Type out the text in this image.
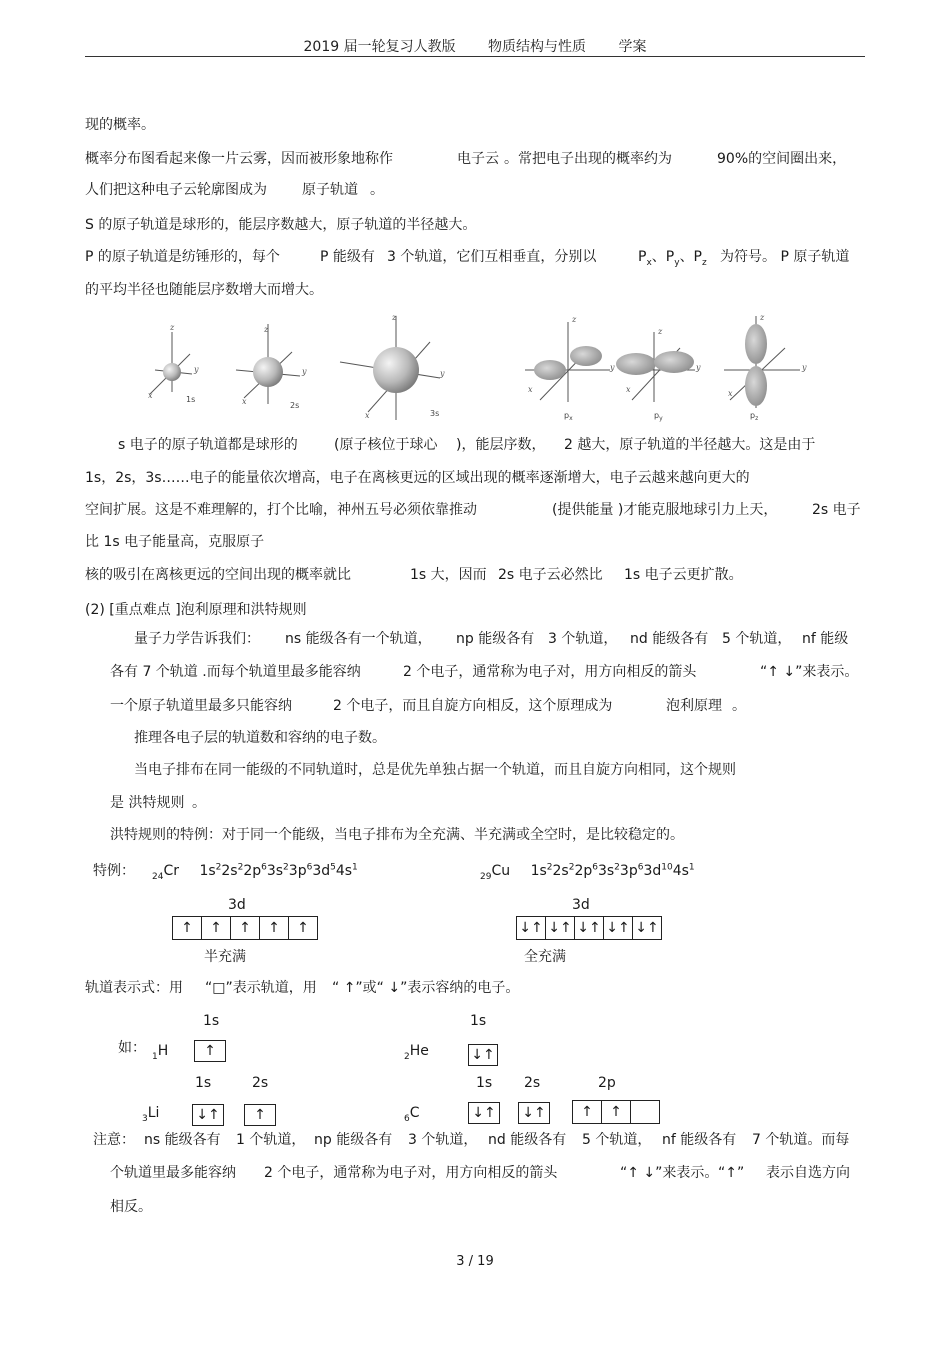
2019 届一轮复习人教版 物质结构与性质 学案
现的概率。
概率分布图看起来像一片云雾，因而被形象地称作	电子云 。常把电子出现的概率约为	90%的空间圈出来，
人们把这种电子云轮廓图成为	原子轨道 。
S 的原子轨道是球形的，能层序数越大，原子轨道的半径越大。
P 的原子轨道是纺锤形的，每个	P 能级有 3 个轨道，它们互相垂直，分别以	$P_x$、$P_y$、$P_z$ 为符号。 P 原子轨道
的平均半径也随能层序数增大而增大。
z
y
x
z
y
x
z
y
x
z
y
x
z
y
x
z
y
x
1s
2s
3s	$p_x$	$p_y$	$p_z$
s 电子的原子轨道都是球形的	(原子核位于球心 )，能层序数， 2 越大，原子轨道的半径越大。这是由于
1s，2s，3s……电子的能量依次增高，电子在离核更远的区域出现的概率逐渐增大，电子云越来越向更大的
空间扩展。这是不难理解的，打个比喻，神州五号必须依靠推动	(提供能量 )才能克服地球引力上天， 2s 电子
比 1s 电子能量高，克服原子
核的吸引在离核更远的空间出现的概率就比	1s 大，因而 2s 电子云必然比 1s 电子云更扩散。
(2) [重点难点 ]泡利原理和洪特规则
量子力学告诉我们： ns 能级各有一个轨道， np 能级各有 3 个轨道， nd 能级各有 5 个轨道， nf 能级
各有 7 个轨道 .而每个轨道里最多能容纳	2 个电子，通常称为电子对，用方向相反的箭头	“↑ ↓”来表示。
一个原子轨道里最多只能容纳	2 个电子，而且自旋方向相反，这个原理成为	泡利原理 。
推理各电子层的轨道数和容纳的电子数。
当电子排布在同一能级的不同轨道时，总是优先单独占据一个轨道，而且自旋方向相同，这个规则
是 洪特规则 。
洪特规则的特例：对于同一个能级，当电子排布为全充满、半充满或全空时，是比较稳定的。
特例： $_{24}$Cr $1s^22s^22p^63s^23p^63d^54s^1$
$_{29}$Cu $1s^22s^22p^63s^23p^63d^{10}4s^1$
3d
↑	↑	↑	↑	↑
半充满
3d
↓↑ ↓↑ ↓↑ ↓↑ ↓↑
全充满
轨道表示式：用 “□”表示轨道，用 “ ↑”或“ ↓”表示容纳的电子。
1s	1s
如：
$_1$H	↑	$_2$He	↓↑
1s	2s	1s 2s	2p
$_3$Li	↓↑	↑	$_6$C	↓↑	↓↑	↑	↑
注意： ns 能级各有 1 个轨道， np 能级各有 3 个轨道， nd 能级各有 5 个轨道， nf 能级各有 7 个轨道。而每
个轨道里最多能容纳 2 个电子，通常称为电子对，用方向相反的箭头	“↑ ↓”来表示。 “↑” 表示自选方向
相反。
3 / 19
